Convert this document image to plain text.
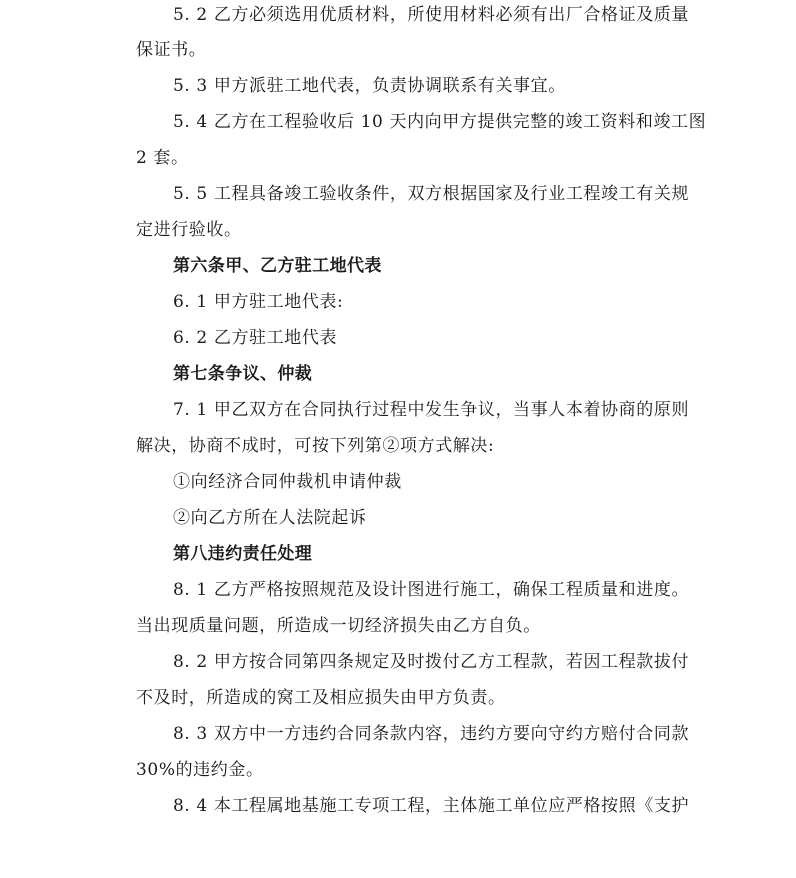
5. 2 乙方必须选用优质材料，所使用材料必须有出厂合格证及质量
保证书。
5. 3 甲方派驻工地代表，负责协调联系有关事宜。
5. 4 乙方在工程验收后 10 天内向甲方提供完整的竣工资料和竣工图
2 套。
5. 5 工程具备竣工验收条件，双方根据国家及行业工程竣工有关规
定进行验收。
第六条甲、乙方驻工地代表
6. 1 甲方驻工地代表:
6. 2 乙方驻工地代表
第七条争议、仲裁
7. 1 甲乙双方在合同执行过程中发生争议，当事人本着协商的原则
解决，协商不成时，可按下列第②项方式解决:
①向经济合同仲裁机申请仲裁
②向乙方所在人法院起诉
第八违约责任处理
8. 1 乙方严格按照规范及设计图进行施工，确保工程质量和进度。
当出现质量问题，所造成一切经济损失由乙方自负。
8. 2 甲方按合同第四条规定及时拨付乙方工程款，若因工程款拔付
不及时，所造成的窝工及相应损失由甲方负责。
8. 3 双方中一方违约合同条款内容，违约方要向守约方赔付合同款
30%的违约金。
8. 4 本工程属地基施工专项工程，主体施工单位应严格按照《支护
